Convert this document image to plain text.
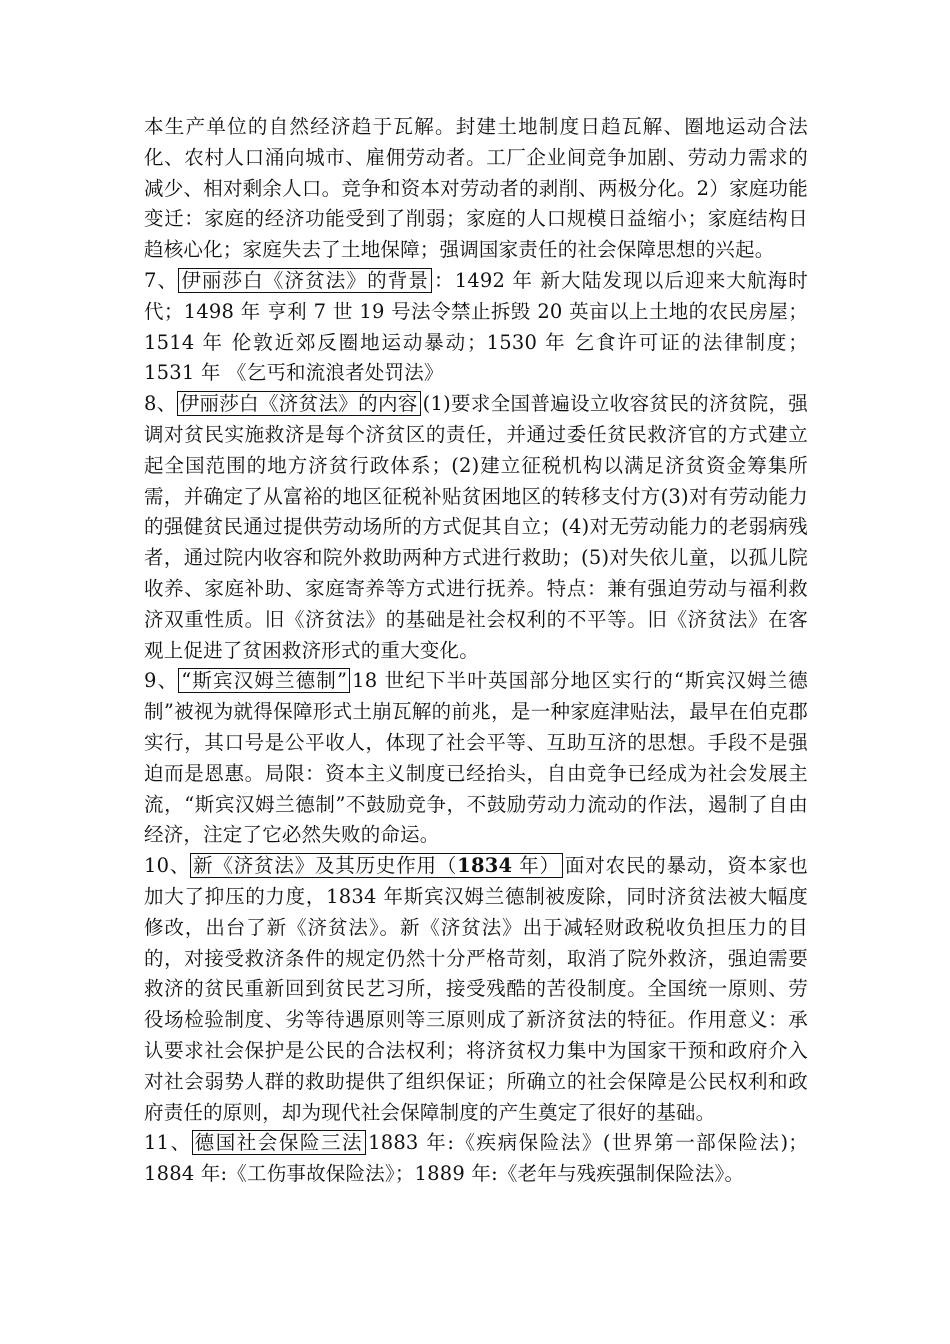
本生产单位的自然经济趋于瓦解。封建土地制度日趋瓦解、圈地运动合法化、农村人口涌向城市、雇佣劳动者。工厂企业间竞争加剧、劳动力需求的减少、相对剩余人口。竞争和资本对劳动者的剥削、两极分化。2）家庭功能变迁：家庭的经济功能受到了削弱；家庭的人口规模日益缩小；家庭结构日趋核心化；家庭失去了土地保障；强调国家责任的社会保障思想的兴起。

7、 伊丽莎白《济贫法》的背景 ：1492 年 新大陆发现以后迎来大航海时代；1498 年 亨利 7 世 19 号法令禁止拆毁 20 英亩以上土地的农民房屋；1514 年 伦敦近郊反圈地运动暴动；1530 年 乞食许可证的法律制度；1531 年 《乞丐和流浪者处罚法》

8、 伊丽莎白《济贫法》的内容 (1)要求全国普遍设立收容贫民的济贫院，强调对贫民实施救济是每个济贫区的责任，并通过委任贫民救济官的方式建立起全国范围的地方济贫行政体系；(2)建立征税机构以满足济贫资金筹集所需，并确定了从富裕的地区征税补贴贫困地区的转移支付方(3)对有劳动能力的强健贫民通过提供劳动场所的方式促其自立；(4)对无劳动能力的老弱病残者，通过院内收容和院外救助两种方式进行救助；(5)对失依儿童，以孤儿院收养、家庭补助、家庭寄养等方式进行抚养。特点：兼有强迫劳动与福利救济双重性质。旧《济贫法》的基础是社会权利的不平等。旧《济贫法》在客观上促进了贫困救济形式的重大变化。

9、 “斯宾汉姆兰德制” 18 世纪下半叶英国部分地区实行的“斯宾汉姆兰德制”被视为就得保障形式土崩瓦解的前兆，是一种家庭津贴法，最早在伯克郡实行，其口号是公平收人，体现了社会平等、互助互济的思想。手段不是强迫而是恩惠。局限：资本主义制度已经抬头，自由竞争已经成为社会发展主流，“斯宾汉姆兰德制”不鼓励竞争，不鼓励劳动力流动的作法，遏制了自由经济，注定了它必然失败的命运。

10、 新《济贫法》及其历史作用（1834 年） 面对农民的暴动，资本家也加大了抑压的力度，1834 年斯宾汉姆兰德制被废除，同时济贫法被大幅度修改，出台了新《济贫法》。新《济贫法》出于减轻财政税收负担压力的目的，对接受救济条件的规定仍然十分严格苛刻，取消了院外救济，强迫需要救济的贫民重新回到贫民艺习所，接受残酷的苦役制度。全国统一原则、劳役场检验制度、劣等待遇原则等三原则成了新济贫法的特征。作用意义：承认要求社会保护是公民的合法权利；将济贫权力集中为国家干预和政府介入对社会弱势人群的救助提供了组织保证；所确立的社会保障是公民权利和政府责任的原则，却为现代社会保障制度的产生奠定了很好的基础。

11、 德国社会保险三法 1883 年:《疾病保险法》(世界第一部保险法)；1884 年:《工伤事故保险法》；1889 年:《老年与残疾强制保险法》。
